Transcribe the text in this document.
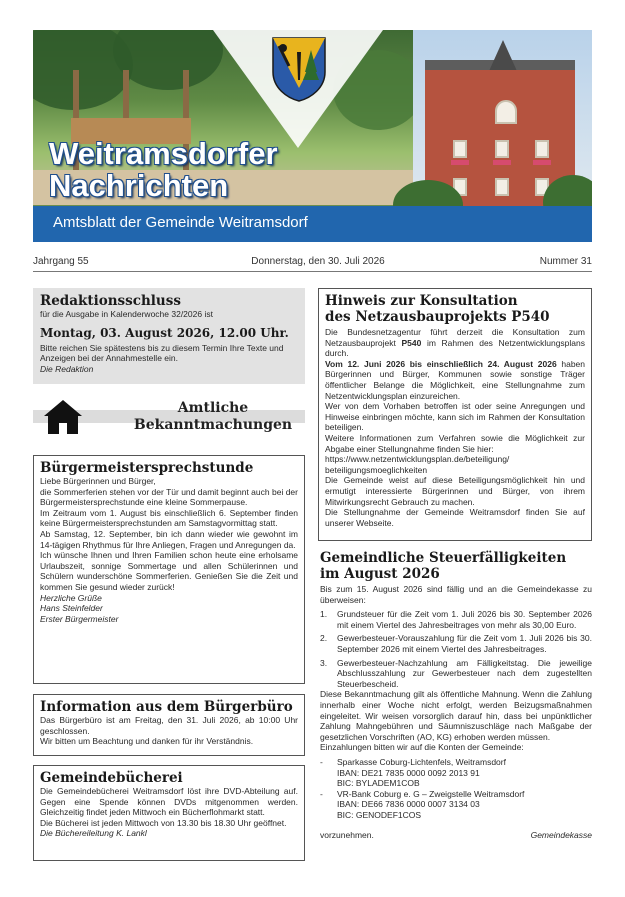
Weitramsdorfer
Nachrichten
Amtsblatt der Gemeinde Weitramsdorf
Jahrgang 55	Donnerstag, den 30. Juli 2026	Nummer 31
Redaktionsschluss

für die Ausgabe in Kalenderwoche 32/2026 ist

Montag, 03. August 2026, 12.00 Uhr.

Bitte reichen Sie spätestens bis zu diesem Termin Ihre Texte und Anzeigen bei der Annahmestelle ein.

Die Redaktion

Amtliche
Bekanntmachungen
Bürgermeistersprechstunde

Liebe Bürgerinnen und Bürger,

die Sommerferien stehen vor der Tür und damit beginnt auch bei der Bürgermeistersprechstunde eine kleine Sommerpause.

Im Zeitraum vom 1. August bis einschließlich 6. September finden keine Bürgermeistersprechstunden am Samstagvormittag statt.

Ab Samstag, 12. September, bin ich dann wieder wie gewohnt im 14-tägigen Rhythmus für Ihre Anliegen, Fragen und Anregungen da.

Ich wünsche Ihnen und Ihren Familien schon heute eine erholsame Urlaubszeit, sonnige Sommertage und allen Schülerinnen und Schülern wunderschöne Sommerferien. Genießen Sie die Zeit und kommen Sie gesund wieder zurück!

Herzliche Grüße

Hans Steinfelder

Erster Bürgermeister

Information aus dem Bürgerbüro

Das Bürgerbüro ist am Freitag, den 31. Juli 2026, ab 10:00 Uhr geschlossen.

Wir bitten um Beachtung und danken für ihr Verständnis.

Gemeindebücherei

Die Gemeindebücherei Weitramsdorf löst ihre DVD-Abteilung auf. Gegen eine Spende können DVDs mitgenommen werden. Gleichzeitig findet jeden Mittwoch ein Bücherflohmarkt statt.

Die Bücherei ist jeden Mittwoch von 13.30 bis 18.30 Uhr geöffnet.

Die Büchereileitung K. Lankl

Hinweis zur Konsultation
des Netzausbauprojekts P540

Die Bundesnetzagentur führt derzeit die Konsultation zum Netzausbauprojekt P540 im Rahmen des Netzentwicklungsplans durch.

Vom 12. Juni 2026 bis einschließlich 24. August 2026 haben Bürgerinnen und Bürger, Kommunen sowie sonstige Träger öffentlicher Belange die Möglichkeit, eine Stellungnahme zum Netzentwicklungsplan einzureichen.

Wer von dem Vorhaben betroffen ist oder seine Anregungen und Hinweise einbringen möchte, kann sich im Rahmen der Konsultation beteiligen.

Weitere Informationen zum Verfahren sowie die Möglichkeit zur Abgabe einer Stellungnahme finden Sie hier:

https://www.netzentwicklungsplan.de/beteiligung/

beteiligungsmoeglichkeiten

Die Gemeinde weist auf diese Beteiligungsmöglichkeit hin und ermutigt interessierte Bürgerinnen und Bürger, von ihrem Mitwirkungsrecht Gebrauch zu machen.

Die Stellungnahme der Gemeinde Weitramsdorf finden Sie auf unserer Webseite.

Gemeindliche Steuerfälligkeiten
im August 2026

Bis zum 15. August 2026 sind fällig und an die Gemeindekasse zu überweisen:

1. Grundsteuer für die Zeit vom 1. Juli 2026 bis 30. September 2026 mit einem Viertel des Jahresbeitrages von mehr als 30,00 Euro.
2. Gewerbesteuer-Vorauszahlung für die Zeit vom 1. Juli 2026 bis 30. September 2026 mit einem Viertel des Jahresbeitrages.
3. Gewerbesteuer-Nachzahlung am Fälligkeitstag. Die jeweilige Abschlusszahlung zur Gewerbesteuer nach dem zugestellten Steuerbescheid.

Diese Bekanntmachung gilt als öffentliche Mahnung. Wenn die Zahlung innerhalb einer Woche nicht erfolgt, werden Beizugsmaßnahmen eingeleitet. Wir weisen vorsorglich darauf hin, dass bei unpünktlicher Zahlung Mahngebühren und Säumniszuschläge nach Maßgabe der gesetzlichen Vorschriften (AO, KG) erhoben werden müssen.

Einzahlungen bitten wir auf die Konten der Gemeinde:

- Sparkasse Coburg-Lichtenfels, Weitramsdorf

IBAN: DE21 7835 0000 0092 2013 91

BIC: BYLADEM1COB

- VR-Bank Coburg e. G – Zweigstelle Weitramsdorf

IBAN: DE66 7836 0000 0007 3134 03

BIC: GENODEF1COS

vorzunehmen.	Gemeindekasse
